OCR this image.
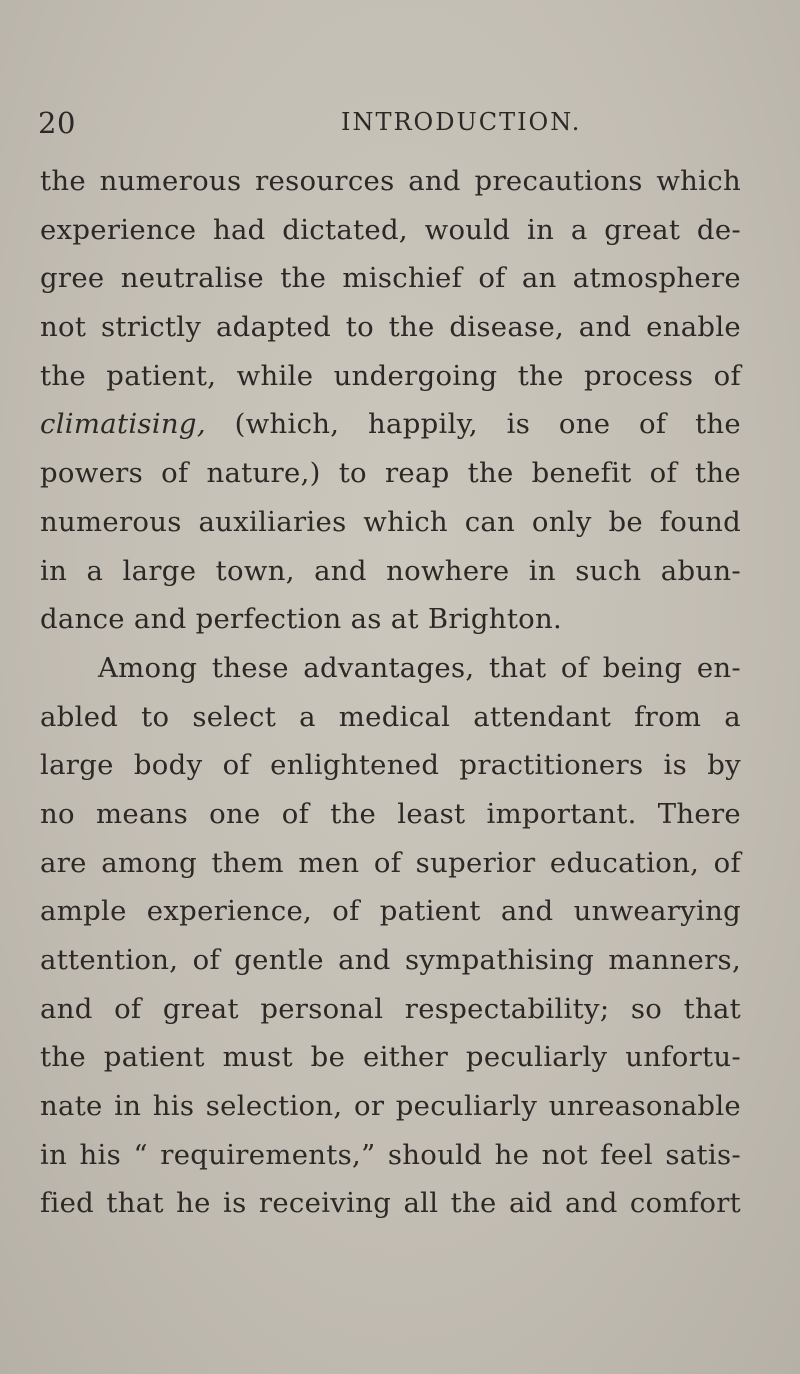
20	INTRODUCTION.
the numerous resources and precautions which
experience had dictated, would in a great de-
gree neutralise the mischief of an atmosphere
not strictly adapted to the disease, and enable
the patient, while undergoing the process of
climatising, (which, happily, is one of the
powers of nature,) to reap the benefit of the
numerous auxiliaries which can only be found
in a large town, and nowhere in such abun-
dance and perfection as at Brighton.
Among these advantages, that of being en-
abled to select a medical attendant from a
large body of enlightened practitioners is by
no means one of the least important. There
are among them men of superior education, of
ample experience, of patient and unwearying
attention, of gentle and sympathising manners,
and of great personal respectability; so that
the patient must be either peculiarly unfortu-
nate in his selection, or peculiarly unreasonable
in his “ requirements,” should he not feel satis-
fied that he is receiving all the aid and comfort
